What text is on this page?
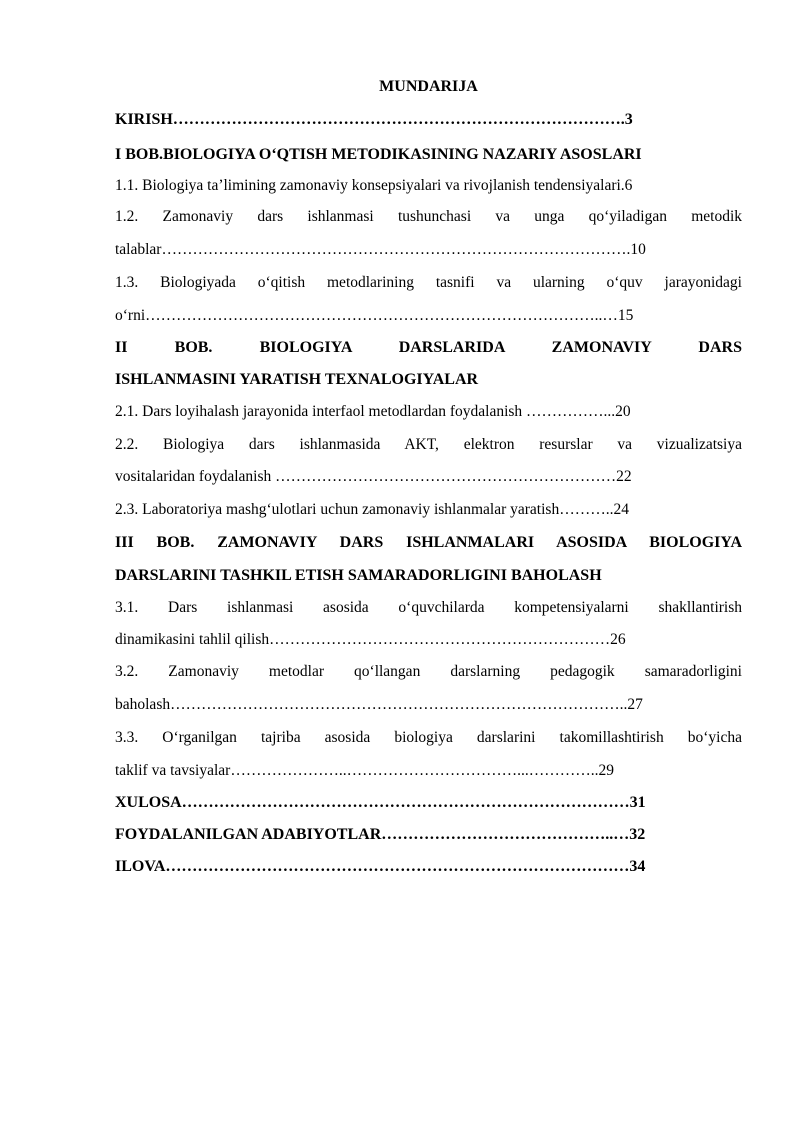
MUNDARIJA
KIRISH………………………………………………………………………….3
I BOB.BIOLOGIYA O‘QTISH METODIKASINING NAZARIY ASOSLARI
1.1. Biologiya ta’limining zamonaviy konsepsiyalari va rivojlanish tendensiyalari.6
1.2. Zamonaviy dars ishlanmasi tushunchasi va unga qo‘yiladigan metodik
talablar……………………………………………………………………………….10
1.3. Biologiyada o‘qitish metodlarining tasnifi va ularning o‘quv jarayonidagi
o‘rni……………………………………………………………………………..…15
II BOB. BIOLOGIYA DARSLARIDA ZAMONAVIY DARS
ISHLANMASINI YARATISH TEXNALOGIYALAR
2.1. Dars loyihalash jarayonida interfaol metodlardan foydalanish ……………...20
2.2. Biologiya dars ishlanmasida AKT, elektron resurslar va vizualizatsiya
vositalaridan foydalanish …………………………………………………………22
2.3. Laboratoriya mashg‘ulotlari uchun zamonaviy ishlanmalar yaratish………..24
III BOB. ZAMONAVIY DARS ISHLANMALARI ASOSIDA BIOLOGIYA
DARSLARINI TASHKIL ETISH SAMARADORLIGINI BAHOLASH
3.1. Dars ishlanmasi asosida o‘quvchilarda kompetensiyalarni shakllantirish
dinamikasini tahlil qilish…………………………………………………………26
3.2. Zamonaviy metodlar qo‘llangan darslarning pedagogik samaradorligini
baholash……………………………………………………………………………..27
3.3. O‘rganilgan tajriba asosida biologiya darslarini takomillashtirish bo‘yicha
taklif va tavsiyalar…………………..……………………………...…………..29
XULOSA…………………………………………………………………………31
FOYDALANILGAN ADABIYOTLAR……………………………………..…32
ILOVA……………………………………………………………………………34
